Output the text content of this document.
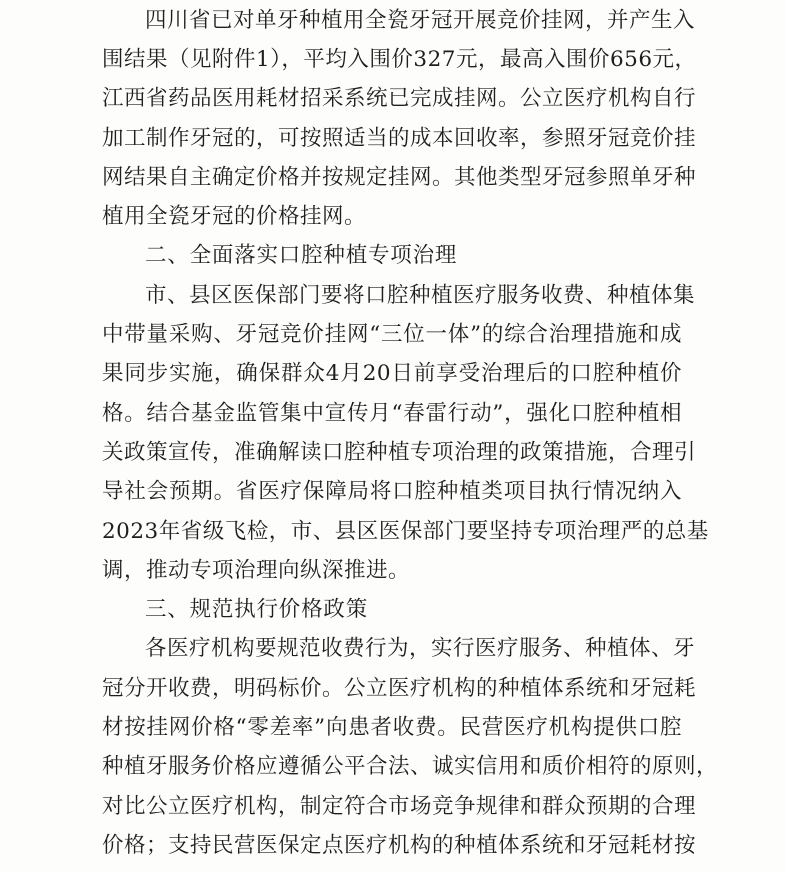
四川省已对单牙种植用全瓷牙冠开展竞价挂网，并产生入
围结果（见附件1），平均入围价327元，最高入围价656元，
江西省药品医用耗材招采系统已完成挂网。公立医疗机构自行
加工制作牙冠的，可按照适当的成本回收率，参照牙冠竞价挂
网结果自主确定价格并按规定挂网。其他类型牙冠参照单牙种
植用全瓷牙冠的价格挂网。
二、全面落实口腔种植专项治理
市、县区医保部门要将口腔种植医疗服务收费、种植体集
中带量采购、牙冠竞价挂网“三位一体”的综合治理措施和成
果同步实施，确保群众4月20日前享受治理后的口腔种植价
格。结合基金监管集中宣传月“春雷行动”，强化口腔种植相
关政策宣传，准确解读口腔种植专项治理的政策措施，合理引
导社会预期。省医疗保障局将口腔种植类项目执行情况纳入
2023年省级飞检，市、县区医保部门要坚持专项治理严的总基
调，推动专项治理向纵深推进。
三、规范执行价格政策
各医疗机构要规范收费行为，实行医疗服务、种植体、牙
冠分开收费，明码标价。公立医疗机构的种植体系统和牙冠耗
材按挂网价格“零差率”向患者收费。民营医疗机构提供口腔
种植牙服务价格应遵循公平合法、诚实信用和质价相符的原则，
对比公立医疗机构，制定符合市场竞争规律和群众预期的合理
价格；支持民营医保定点医疗机构的种植体系统和牙冠耗材按
